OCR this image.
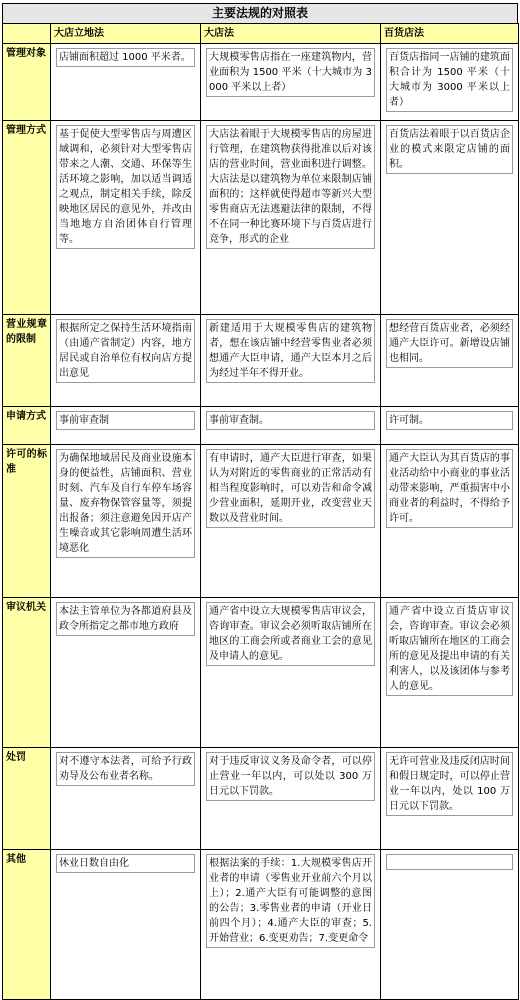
主要法规的对照表
	大店立地法	大店法	百货店法
管理对象	店铺面积超过 1000 平米者。	大规模零售店指在一座建筑物内，营业面积为 1500 平米（十大城市为 3000 平米以上者）	百货店指同一店铺的建筑面积合计为 1500 平米（十大城市为 3000 平米以上者）

管理方式	基于促使大型零售店与周遭区域调和，必须针对大型零售店带来之人潮、交通、环保等生活环境之影响，加以适当调适之观点，制定相关手续，除反映地区居民的意见外，并改由当地地方自治团体自行管理等。	大店法着眼于大规模零售店的房屋进行管理，在建筑物获得批准以后对该店的营业时间，营业面积进行调整。大店法是以建筑物为单位来限制店铺面积的；这样就使得超市等新兴大型零售商店无法逃避法律的限制，不得不在同一种比赛环境下与百货店进行竞争，形式的企业	百货店法着眼于以百货店企业的模式来限定店铺的面积。

营业规章的限制	根据所定之保持生活环境指南（由通产省制定）内容，地方居民或自治单位有权向店方提出意见	新建适用于大规模零售店的建筑物者，想在该店铺中经营零售业者必须想通产大臣申请，通产大臣本月之后为经过半年不得开业。	想经营百货店业者，必须经通产大臣许可。新增设店铺也相同。

申请方式	事前审查制	事前审查制。	许可制。

许可的标准	为确保地域居民及商业设施本身的便益性，店铺面积、营业时刻、汽车及自行车停车场容量、废弃物保管容量等，须提出报备；须注意避免因开店产生噪音或其它影响周遭生活环境恶化	有申请时，通产大臣进行审查，如果认为对附近的零售商业的正常活动有相当程度影响时，可以劝告和命令减少营业面积，延期开业，改变营业天数以及营业时间。	通产大臣认为其百货店的事业活动给中小商业的事业活动带来影响，严重损害中小商业者的利益时，不得给予许可。

审议机关	本法主管单位为各都道府县及政令所指定之都市地方政府	通产省中设立大规模零售店审议会，咨询审查。审议会必须听取店铺所在地区的工商会所或者商业工会的意见及申请人的意见。	通产省中设立百货店审议会，咨询审查。审议会必须听取店铺所在地区的工商会所的意见及提出申请的有关利害人，以及该团体与参考人的意见。

处罚	对不遵守本法者，可给予行政劝导及公布业者名称。	对于违反审议义务及命令者，可以停止营业一年以内，可以处以 300 万日元以下罚款。	无许可营业及违反闭店时间和假日规定时，可以停止营业一年以内，处以 100 万日元以下罚款。

其他	休业日数自由化	根据法案的手续：1.大规模零售店开业者的申请（零售业开业前六个月以上）；2.通产大臣有可能调整的意图的公告；3.零售业者的申请（开业日前四个月）；4.通产大臣的审查；5.开始营业；6.变更劝告；7.变更命令	
